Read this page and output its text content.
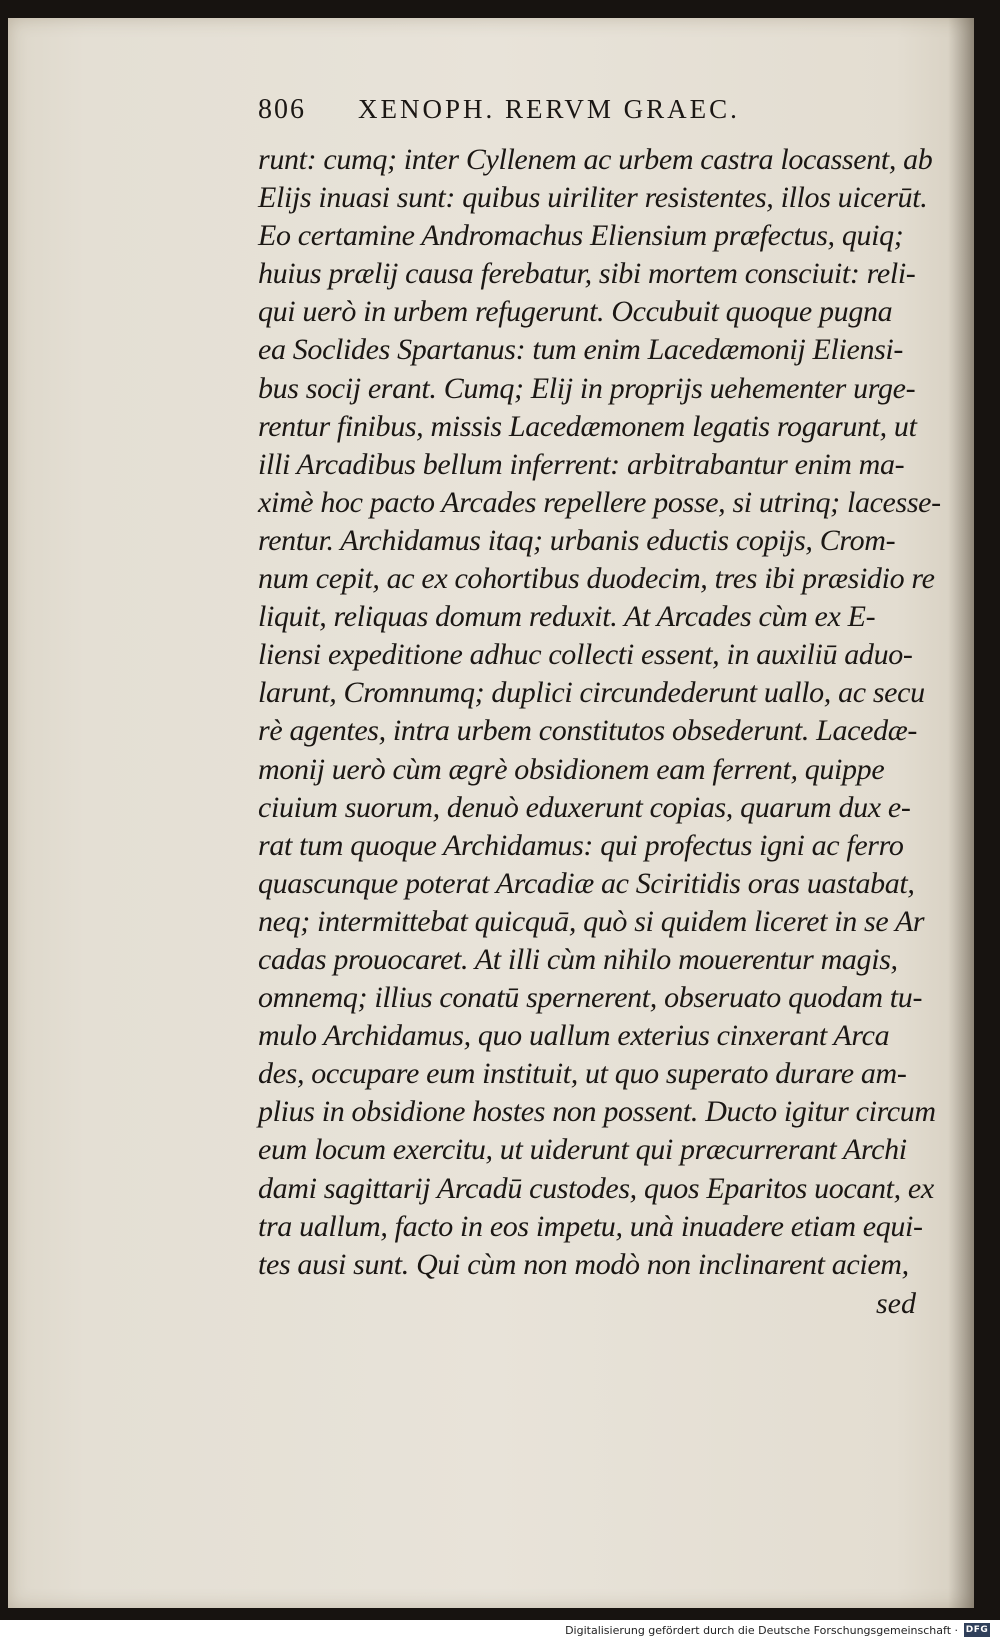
806	XENOPH. RERVM GRAEC.
runt: cumq; inter Cyllenem ac urbem castra locassent, ab
Elijs inuasi sunt: quibus uiriliter resistentes, illos uicerūt.
Eo certamine Andromachus Eliensium præfectus, quiq;
huius prælij causa ferebatur, sibi mortem consciuit: reli-
qui uerò in urbem refugerunt. Occubuit quoque pugna
ea Soclides Spartanus: tum enim Lacedæmonij Eliensi-
bus socij erant. Cumq; Elij in proprijs uehementer urge-
rentur finibus, missis Lacedæmonem legatis rogarunt, ut
illi Arcadibus bellum inferrent: arbitrabantur enim ma-
ximè hoc pacto Arcades repellere posse, si utrinq; lacesse-
rentur. Archidamus itaq; urbanis eductis copijs, Crom-
num cepit, ac ex cohortibus duodecim, tres ibi præsidio re
liquit, reliquas domum reduxit. At Arcades cùm ex E-
liensi expeditione adhuc collecti essent, in auxiliū aduo-
larunt, Cromnumq; duplici circundederunt uallo, ac secu
rè agentes, intra urbem constitutos obsederunt. Lacedæ-
monij uerò cùm ægrè obsidionem eam ferrent, quippe
ciuium suorum, denuò eduxerunt copias, quarum dux e-
rat tum quoque Archidamus: qui profectus igni ac ferro
quascunque poterat Arcadiæ ac Sciritidis oras uastabat,
neq; intermittebat quicquā, quò si quidem liceret in se Ar
cadas prouocaret. At illi cùm nihilo mouerentur magis,
omnemq; illius conatū spernerent, obseruato quodam tu-
mulo Archidamus, quo uallum exterius cinxerant Arca
des, occupare eum instituit, ut quo superato durare am-
plius in obsidione hostes non possent. Ducto igitur circum
eum locum exercitu, ut uiderunt qui præcurrerant Archi
dami sagittarij Arcadū custodes, quos Eparitos uocant, ex
tra uallum, facto in eos impetu, unà inuadere etiam equi-
tes ausi sunt. Qui cùm non modò non inclinarent aciem,
sed
Digitalisierung gefördert durch die Deutsche Forschungsgemeinschaft · DFG
